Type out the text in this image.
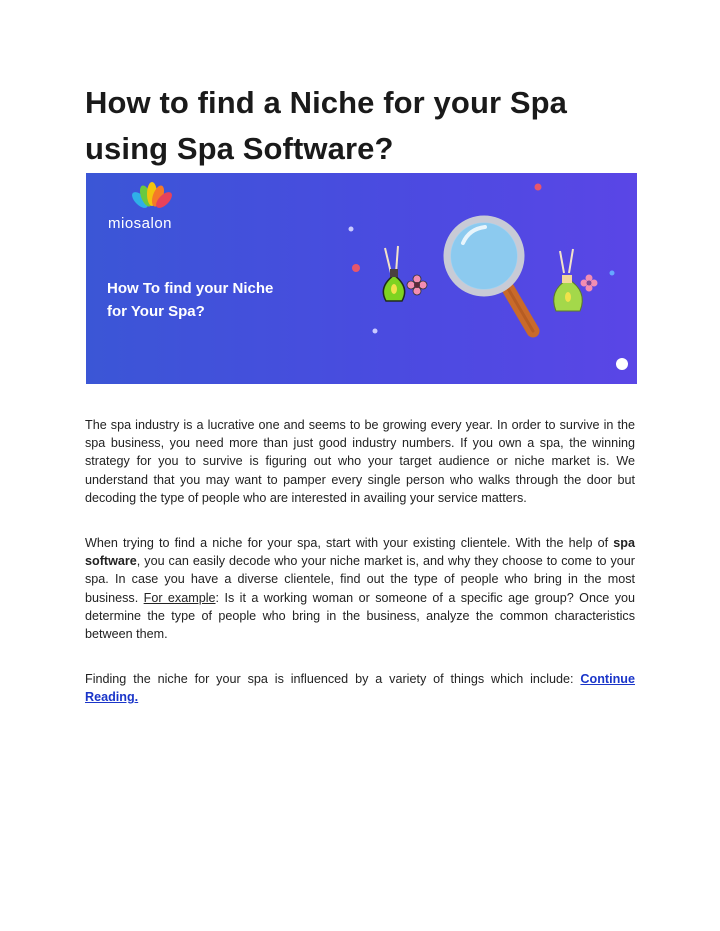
How to find a Niche for your Spa using Spa Software?
miosalon
How To find your Niche
for Your Spa?

The spa industry is a lucrative one and seems to be growing every year. In order to survive in the spa business, you need more than just good industry numbers. If you own a spa, the winning strategy for you to survive is figuring out who your target audience or niche market is. We understand that you may want to pamper every single person who walks through the door but decoding the type of people who are interested in availing your service matters.

When trying to find a niche for your spa, start with your existing clientele. With the help of spa software, you can easily decode who your niche market is, and why they choose to come to your spa. In case you have a diverse clientele, find out the type of people who bring in the most business. For example: Is it a working woman or someone of a specific age group? Once you determine the type of people who bring in the business, analyze the common characteristics between them.

Finding the niche for your spa is influenced by a variety of things which include: Continue Reading.
